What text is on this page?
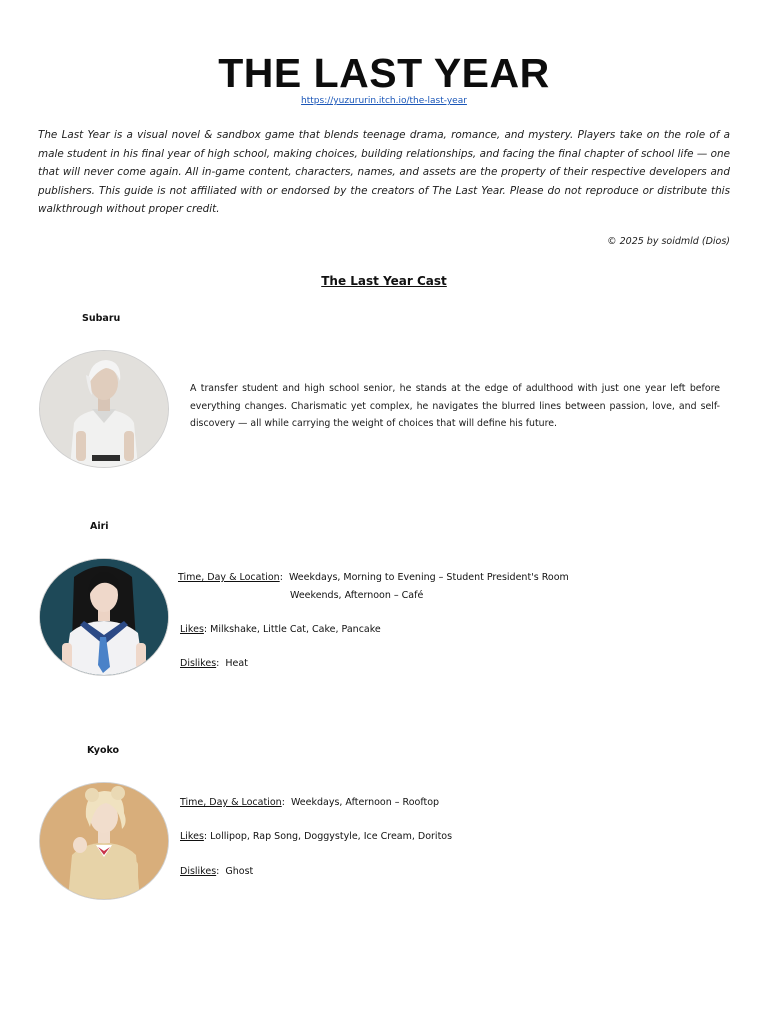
THE LAST YEAR
https://yuzururin.itch.io/the-last-year

The Last Year is a visual novel & sandbox game that blends teenage drama, romance, and mystery. Players take on the role of a male student in his final year of high school, making choices, building relationships, and facing the final chapter of school life — one that will never come again. All in-game content, characters, names, and assets are the property of their respective developers and publishers. This guide is not affiliated with or endorsed by the creators of The Last Year. Please do not reproduce or distribute this walkthrough without proper credit.

© 2025 by soidmld (Dios)
The Last Year Cast
Subaru
A transfer student and high school senior, he stands at the edge of adulthood with just one year left before everything changes. Charismatic yet complex, he navigates the blurred lines between passion, love, and self-discovery — all while carrying the weight of choices that will define his future.
Airi
Time, Day & Location:  Weekdays, Morning to Evening – Student President's Room
Weekends, Afternoon – Café
Likes: Milkshake, Little Cat, Cake, Pancake
Dislikes:  Heat
Kyoko
Time, Day & Location:  Weekdays, Afternoon – Rooftop
Likes: Lollipop, Rap Song, Doggystyle, Ice Cream, Doritos
Dislikes:  Ghost
